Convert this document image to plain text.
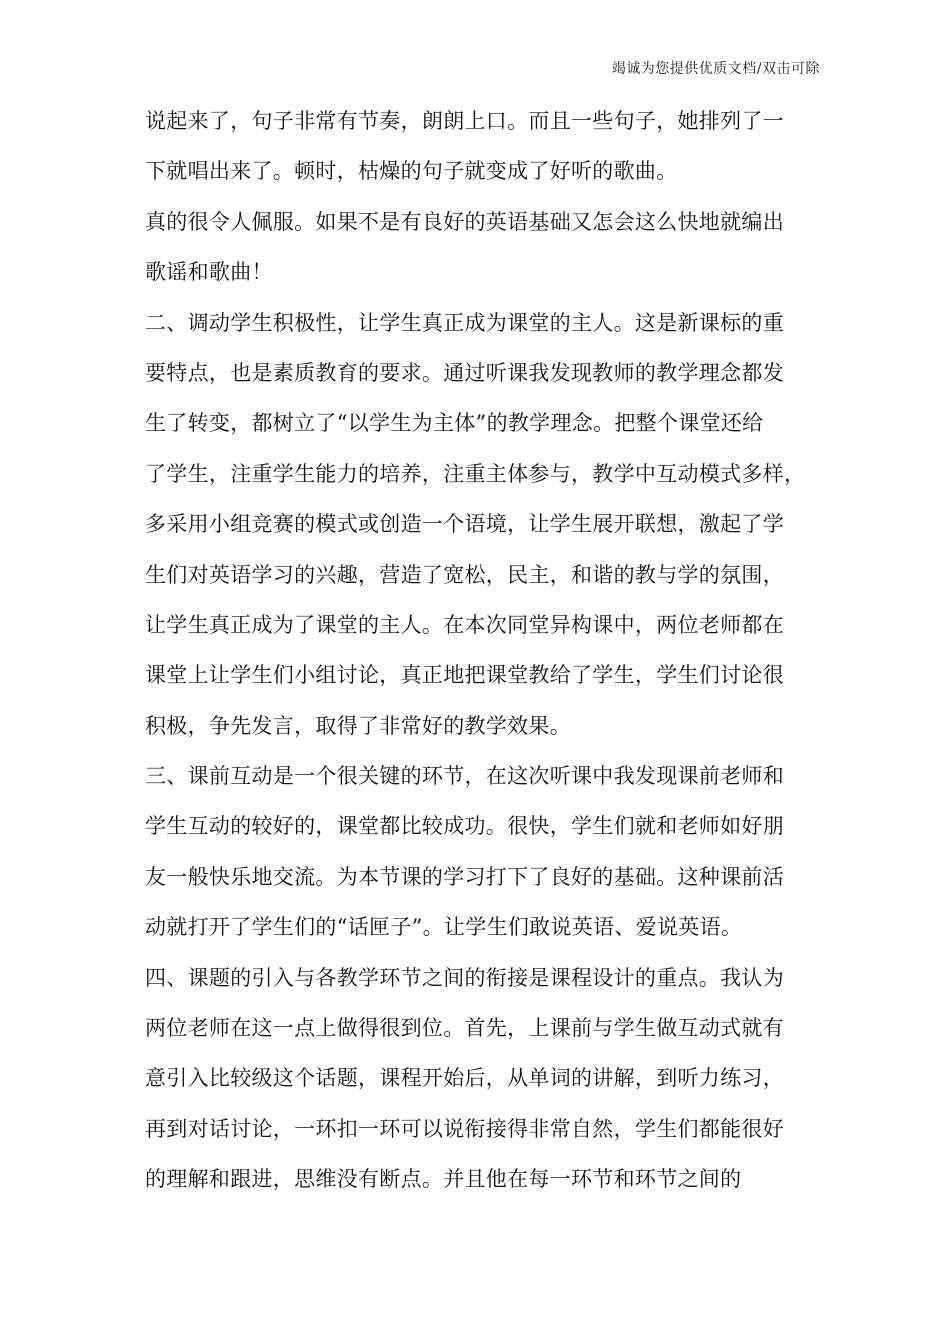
竭诚为您提供优质文档/双击可除
说起来了，句子非常有节奏，朗朗上口。而且一些句子，她排列了一
下就唱出来了。顿时，枯燥的句子就变成了好听的歌曲。
真的很令人佩服。如果不是有良好的英语基础又怎会这么快地就编出
歌谣和歌曲！
二、调动学生积极性，让学生真正成为课堂的主人。这是新课标的重
要特点，也是素质教育的要求。通过听课我发现教师的教学理念都发
生了转变，都树立了“以学生为主体”的教学理念。把整个课堂还给
了学生，注重学生能力的培养，注重主体参与，教学中互动模式多样，
多采用小组竞赛的模式或创造一个语境，让学生展开联想，激起了学
生们对英语学习的兴趣，营造了宽松，民主，和谐的教与学的氛围，
让学生真正成为了课堂的主人。在本次同堂异构课中，两位老师都在
课堂上让学生们小组讨论，真正地把课堂教给了学生，学生们讨论很
积极，争先发言，取得了非常好的教学效果。
三、课前互动是一个很关键的环节，在这次听课中我发现课前老师和
学生互动的较好的，课堂都比较成功。很快，学生们就和老师如好朋
友一般快乐地交流。为本节课的学习打下了良好的基础。这种课前活
动就打开了学生们的“话匣子”。让学生们敢说英语、爱说英语。
四、课题的引入与各教学环节之间的衔接是课程设计的重点。我认为
两位老师在这一点上做得很到位。首先，上课前与学生做互动式就有
意引入比较级这个话题，课程开始后，从单词的讲解，到听力练习，
再到对话讨论，一环扣一环可以说衔接得非常自然，学生们都能很好
的理解和跟进，思维没有断点。并且他在每一环节和环节之间的
